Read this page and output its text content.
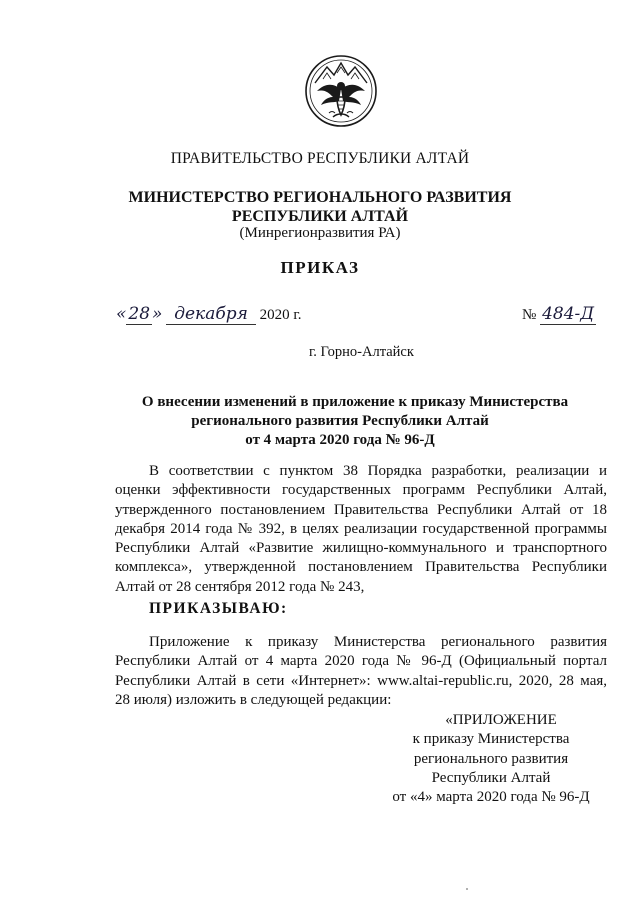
ПРАВИТЕЛЬСТВО РЕСПУБЛИКИ АЛТАЙ
МИНИСТЕРСТВО РЕГИОНАЛЬНОГО РАЗВИТИЯ
РЕСПУБЛИКИ АЛТАЙ
(Минрегионразвития РА)
ПРИКАЗ
« 28 » декабря 2020 г.	№ 484-Д
г. Горно-Алтайск
О внесении изменений в приложение к приказу Министерства
регионального развития Республики Алтай
от 4 марта 2020 года № 96-Д
В соответствии с пунктом 38 Порядка разработки, реализации и
оценки эффективности государственных программ Республики Алтай,
утвержденного постановлением Правительства Республики Алтай от 18
декабря 2014 года № 392, в целях реализации государственной программы
Республики Алтай «Развитие жилищно-коммунального и транспортного
комплекса», утвержденной постановлением Правительства Республики
Алтай от 28 сентября 2012 года № 243,
ПРИКАЗЫВАЮ:
Приложение к приказу Министерства регионального развития
Республики Алтай от 4 марта 2020 года № 96-Д (Официальный портал
Республики Алтай в сети «Интернет»: www.altai-republic.ru, 2020, 28 мая,
28 июля) изложить в следующей редакции:
«ПРИЛОЖЕНИЕ
к приказу Министерства
регионального развития
Республики Алтай
от «4» марта 2020 года № 96-Д
